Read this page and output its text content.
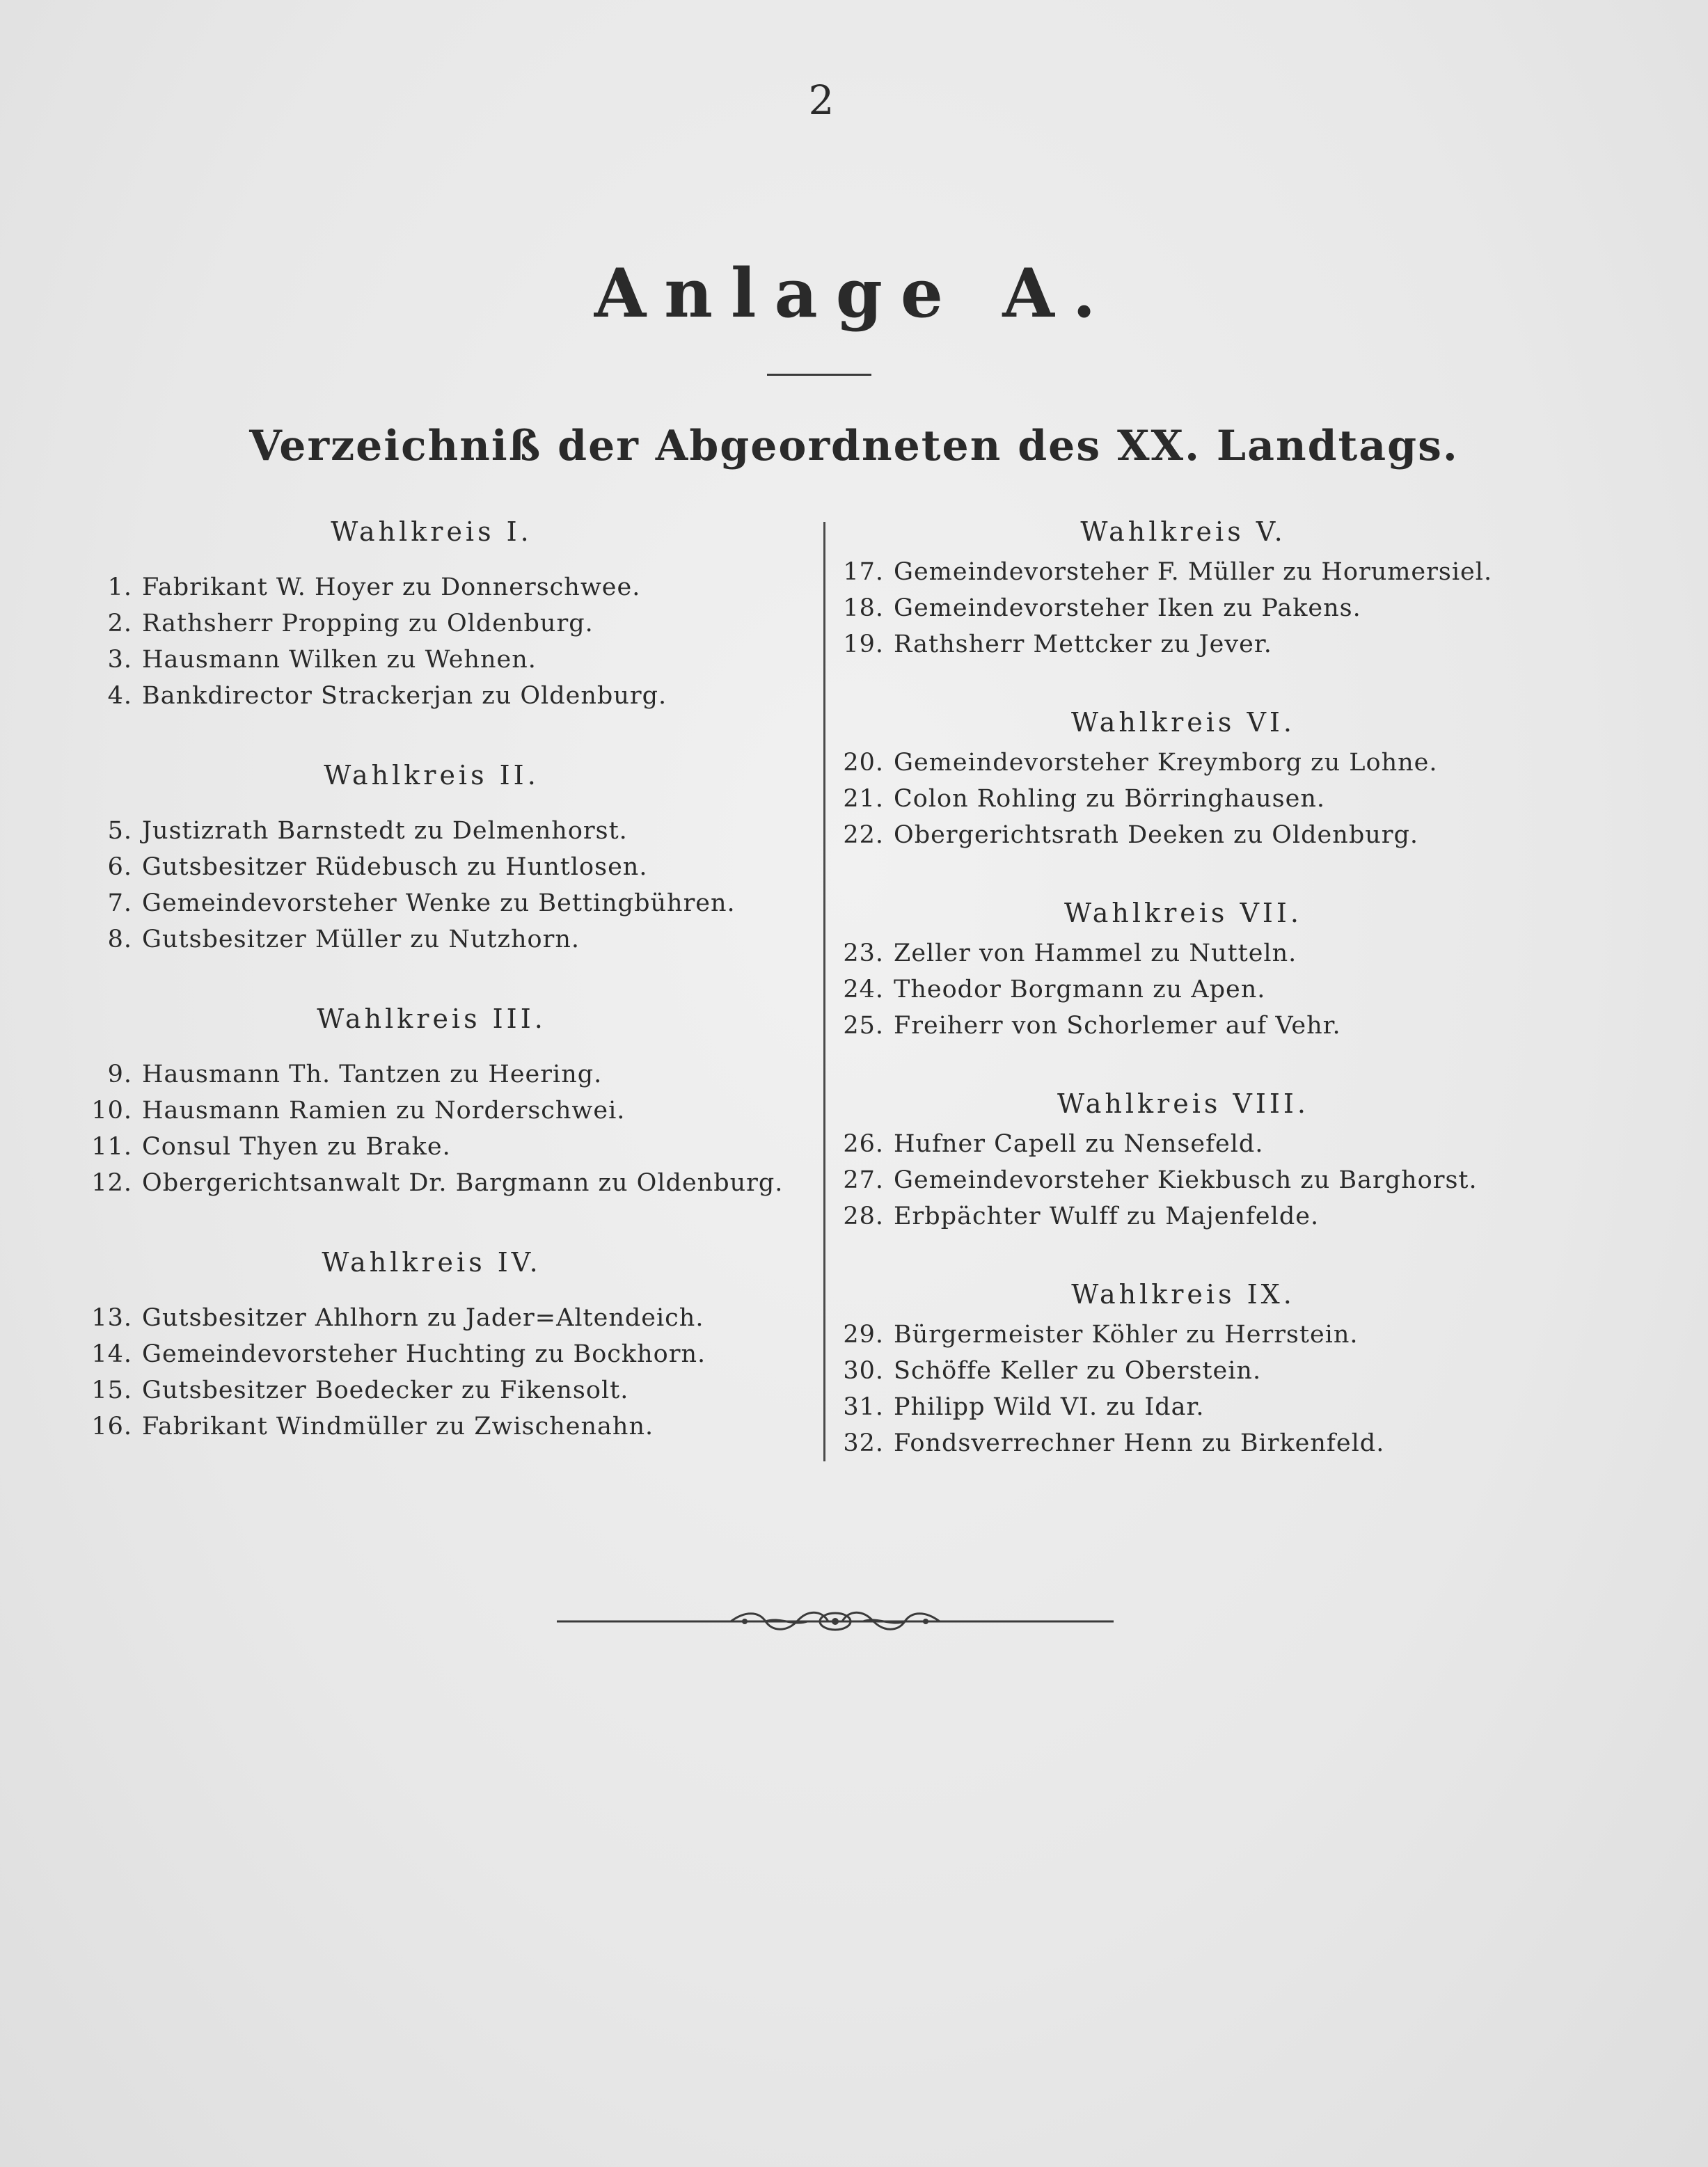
2
Anlage A.
Verzeichniß der Abgeordneten des XX. Landtags.
Wahlkreis I.
1. Fabrikant W. Hoyer zu Donnerschwee.
2. Rathsherr Propping zu Oldenburg.
3. Hausmann Wilken zu Wehnen.
4. Bankdirector Strackerjan zu Oldenburg.
Wahlkreis II.
5. Justizrath Barnstedt zu Delmenhorst.
6. Gutsbesitzer Rüdebusch zu Huntlosen.
7. Gemeindevorsteher Wenke zu Bettingbühren.
8. Gutsbesitzer Müller zu Nutzhorn.
Wahlkreis III.
9. Hausmann Th. Tantzen zu Heering.
10. Hausmann Ramien zu Norderschwei.
11. Consul Thyen zu Brake.
12. Obergerichtsanwalt Dr. Bargmann zu Oldenburg.
Wahlkreis IV.
13. Gutsbesitzer Ahlhorn zu Jader=Altendeich.
14. Gemeindevorsteher Huchting zu Bockhorn.
15. Gutsbesitzer Boedecker zu Fikensolt.
16. Fabrikant Windmüller zu Zwischenahn.
Wahlkreis V.
17. Gemeindevorsteher F. Müller zu Horumersiel.
18. Gemeindevorsteher Iken zu Pakens.
19. Rathsherr Mettcker zu Jever.
Wahlkreis VI.
20. Gemeindevorsteher Kreymborg zu Lohne.
21. Colon Rohling zu Börringhausen.
22. Obergerichtsrath Deeken zu Oldenburg.
Wahlkreis VII.
23. Zeller von Hammel zu Nutteln.
24. Theodor Borgmann zu Apen.
25. Freiherr von Schorlemer auf Vehr.
Wahlkreis VIII.
26. Hufner Capell zu Nensefeld.
27. Gemeindevorsteher Kiekbusch zu Barghorst.
28. Erbpächter Wulff zu Majenfelde.
Wahlkreis IX.
29. Bürgermeister Köhler zu Herrstein.
30. Schöffe Keller zu Oberstein.
31. Philipp Wild VI. zu Idar.
32. Fondsverrechner Henn zu Birkenfeld.
